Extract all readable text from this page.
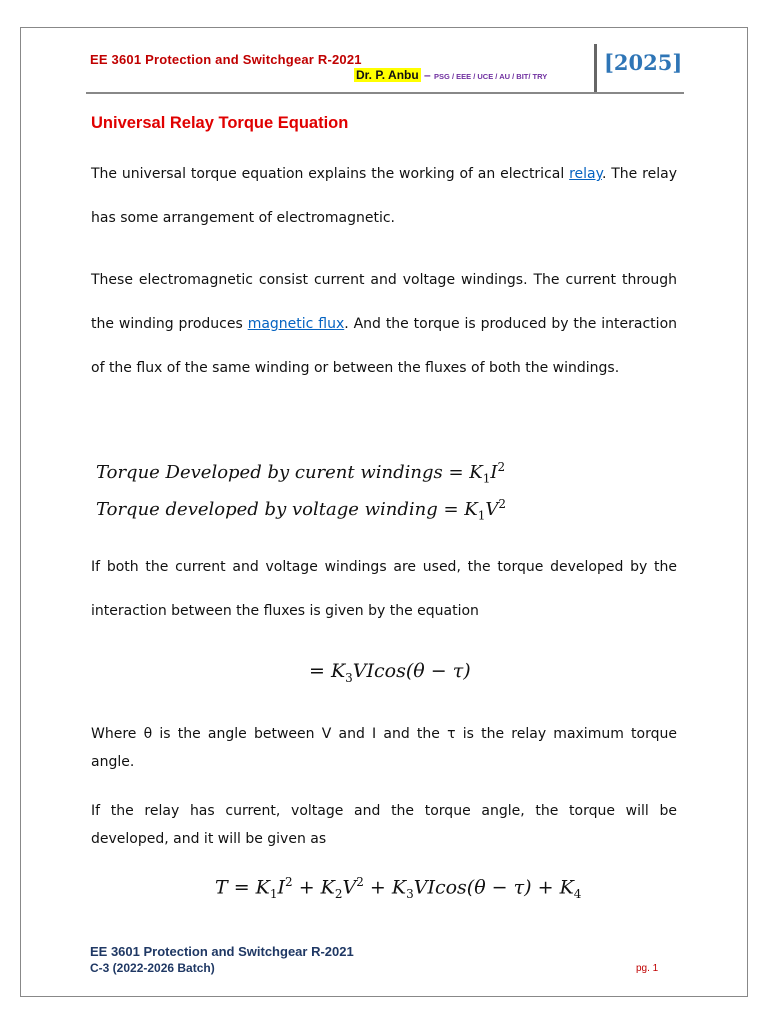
EE 3601 Protection and Switchgear R-2021
Dr. P. Anbu – PSG / EEE / UCE / AU / BIT/ TRY
[2025]
Universal Relay Torque Equation
The universal torque equation explains the working of an electrical relay. The relay has some arrangement of electromagnetic.
These electromagnetic consist current and voltage windings. The current through the winding produces magnetic flux. And the torque is produced by the interaction of the flux of the same winding or between the fluxes of both the windings.
Torque Developed by curent windings = $K_1I^2$
Torque developed by voltage winding = $K_1V^2$
If both the current and voltage windings are used, the torque developed by the interaction between the fluxes is given by the equation
= $K_3VIcos(\theta - \tau)$
Where θ is the angle between V and I and the τ is the relay maximum torque angle.
If the relay has current, voltage and the torque angle, the torque will be developed, and it will be given as
$T = K_1I^2 + K_2V^2 + K_3VIcos(\theta - \tau) + K_4$
EE 3601 Protection and Switchgear R-2021
C-3 (2022-2026 Batch)	pg. 1
